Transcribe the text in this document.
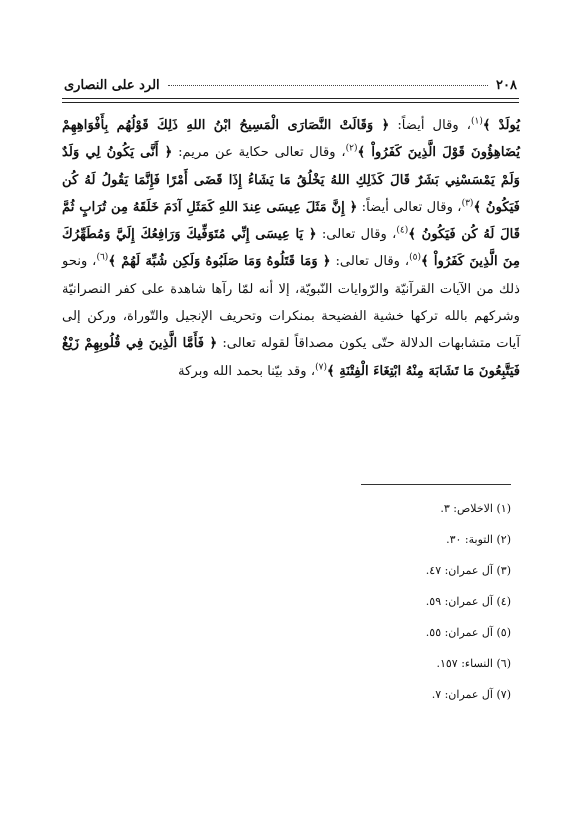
٢٠٨
الرد على النصارى

يُولَدْ ﴾$^{(١)}$، وقال أيضاً: ﴿ وَقَالَتْ النَّصَارَى الْمَسِيحُ ابْنُ اللهِ ذَلِكَ قَوْلُهُم بِأَفْوَاهِهِمْ يُضَاهِؤُونَ قَوْلَ الَّذِينَ كَفَرُواْ ﴾$^{(٢)}$، وقال تعالى حكاية عن مريم: ﴿ أَنَّى يَكُونُ لِي وَلَدٌ وَلَمْ يَمْسَسْنِي بَشَرٌ قَالَ كَذَلِكِ اللهُ يَخْلُقُ مَا يَشَاءُ إِذَا قَضَى أَمْرًا فَإِنَّمَا يَقُولُ لَهُ كُن فَيَكُونُ ﴾$^{(٣)}$، وقال تعالى أيضاً: ﴿ إِنَّ مَثَلَ عِيسَى عِندَ اللهِ كَمَثَلِ آدَمَ خَلَقَهُ مِن تُرَابٍ ثُمَّ قَالَ لَهُ كُن فَيَكُونُ ﴾$^{(٤)}$، وقال تعالى: ﴿ يَا عِيسَى إِنِّي مُتَوَفِّيكَ وَرَافِعُكَ إِلَيَّ وَمُطَهِّرُكَ مِنَ الَّذِينَ كَفَرُواْ ﴾$^{(٥)}$، وقال تعالى: ﴿ وَمَا قَتَلُوهُ وَمَا صَلَبُوهُ وَلَكِن شُبِّهَ لَهُمْ ﴾$^{(٦)}$، ونحو ذلك من الآيات القرآنيّة والرّوايات النّبويّة، إلا أنه لمّا رآها شاهدة على كفر النصرانيّة وشركهم بالله تركها خشية الفضيحة بمنكرات وتحريف الإنجيل والتّوراة، وركن إلى آيات متشابهات الدلالة حتّى يكون مصداقاً لقوله تعالى: ﴿ فَأَمَّا الَّذِينَ فِي قُلُوبِهِمْ زَيْغٌ فَيَتَّبِعُونَ مَا تَشَابَهَ مِنْهُ ابْتِغَاءَ الْفِتْنَةِ ﴾$^{(٧)}$، وقد بيّنا بحمد الله وبركة

(١) الاخلاص: ٣.
(٢) التوبة: ٣٠.
(٣) آل عمران: ٤٧.
(٤) آل عمران: ٥٩.
(٥) آل عمران: ٥٥.
(٦) النساء: ١٥٧.
(٧) آل عمران: ٧.
